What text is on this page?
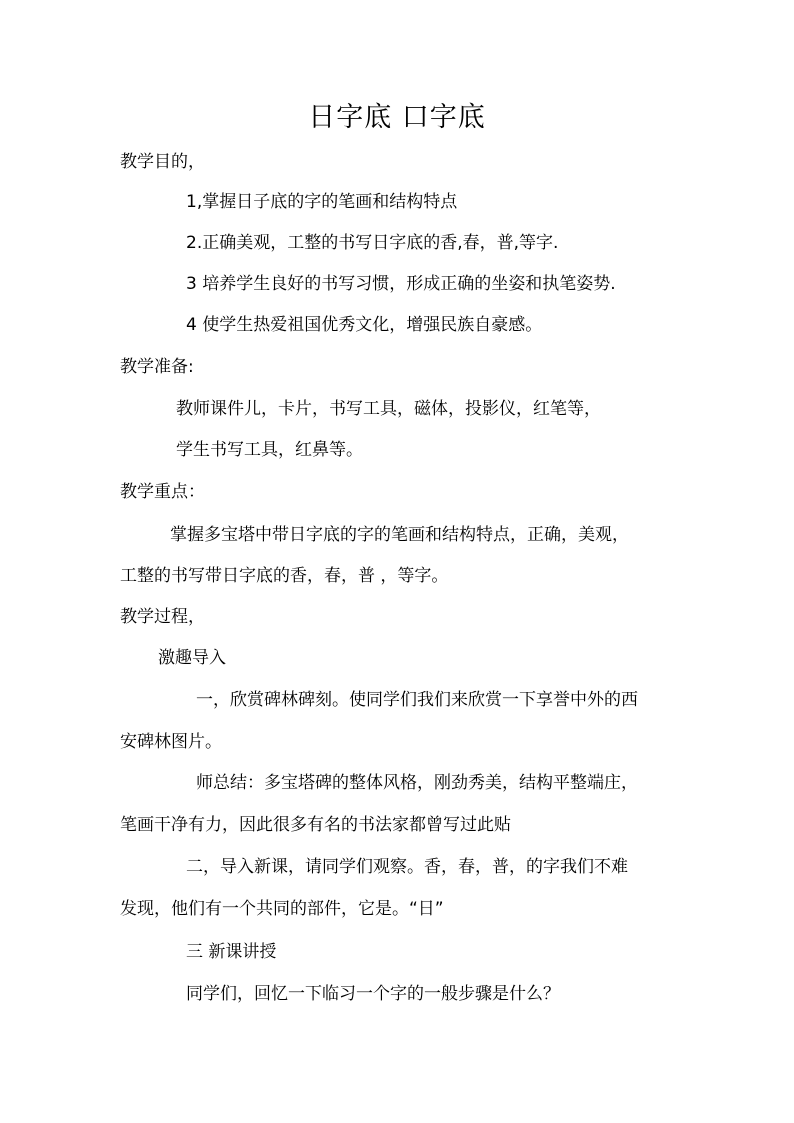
日字底 口字底
教学目的，
1,掌握日子底的字的笔画和结构特点
2.正确美观，工整的书写日字底的香,春，普,等字.
3 培养学生良好的书写习惯，形成正确的坐姿和执笔姿势.
4 使学生热爱祖国优秀文化，增强民族自豪感。
教学准备:
教师课件儿，卡片，书写工具，磁体，投影仪，红笔等，
学生书写工具，红鼻等。
教学重点：
掌握多宝塔中带日字底的字的笔画和结构特点，正确，美观，
工整的书写带日字底的香，春，普 ，等字。
教学过程，
激趣导入
一，欣赏碑林碑刻。使同学们我们来欣赏一下享誉中外的西
安碑林图片。
师总结：多宝塔碑的整体风格，刚劲秀美，结构平整端庄，
笔画干净有力，因此很多有名的书法家都曾写过此贴
二，导入新课，请同学们观察。香，春，普，的字我们不难
发现，他们有一个共同的部件，它是。“日”
三 新课讲授
同学们，回忆一下临习一个字的一般步骤是什么？
